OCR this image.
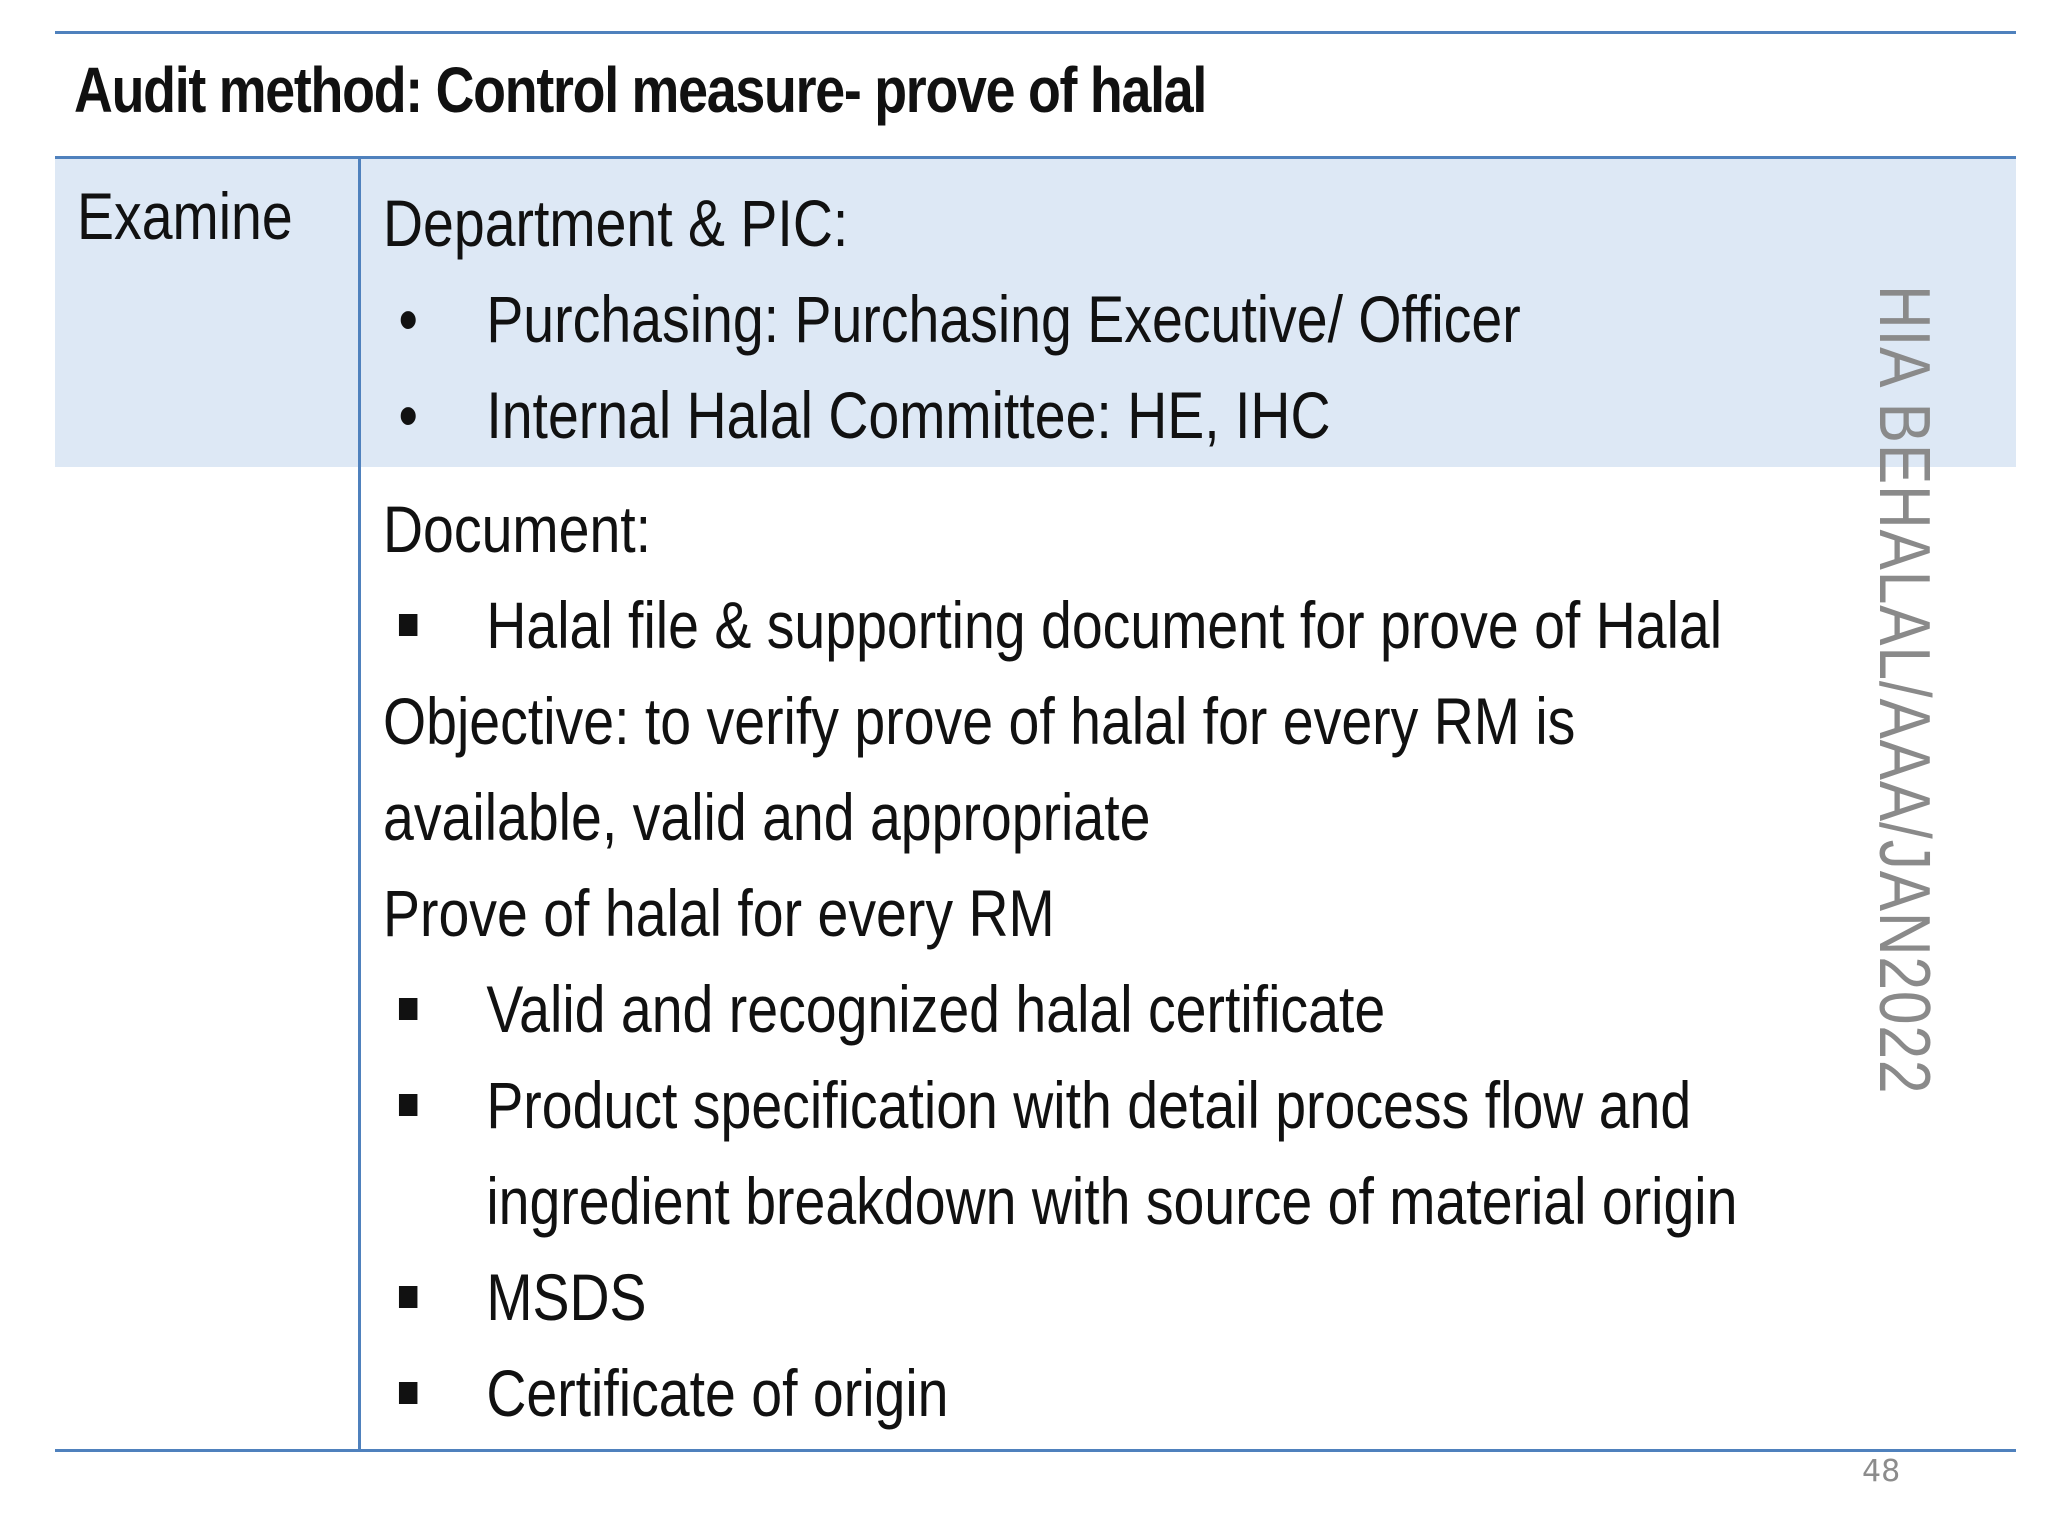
Audit method: Control measure- prove of halal

Examine Department & PIC:

• Purchasing: Purchasing Executive/ Officer

• Internal Halal Committee: HE, IHC

Document:

Halal file & supporting document for prove of Halal

Objective: to verify prove of halal for every RM is

available, valid and appropriate

Prove of halal for every RM

Valid and recognized halal certificate

Product specification with detail process flow and

ingredient breakdown with source of material origin

MSDS

Certificate of origin

HIA BEHALAL/AAA/JAN2022
48
